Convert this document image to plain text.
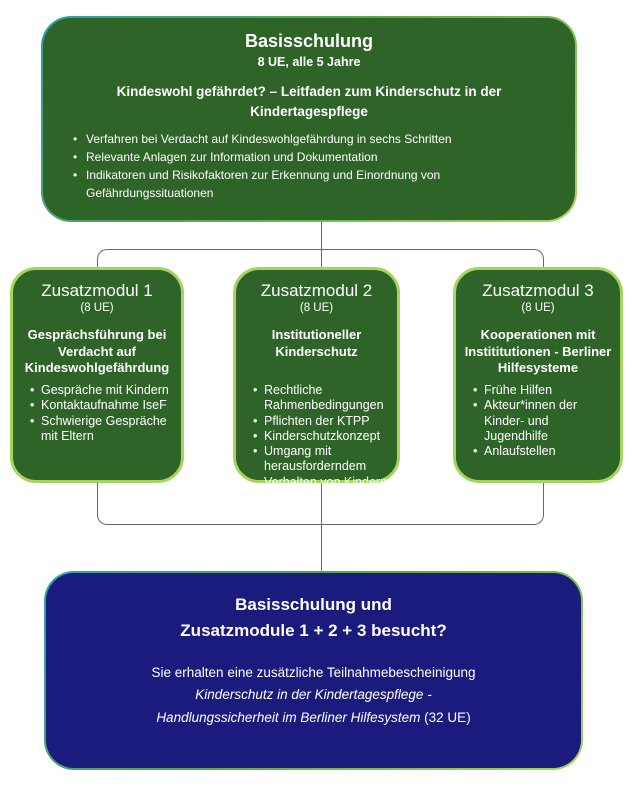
Basisschulung
8 UE, alle 5 Jahre
Kindeswohl gefährdet? – Leitfaden zum Kinderschutz in der Kindertagespflege
• Verfahren bei Verdacht auf Kindeswohlgefährdung in sechs Schritten
• Relevante Anlagen zur Information und Dokumentation
• Indikatoren und Risikofaktoren zur Erkennung und Einordnung von Gefährdungssituationen
Zusatzmodul 1
(8 UE)
Gesprächsführung bei Verdacht auf Kindeswohlgefährdung
• Gespräche mit Kindern
• Kontaktaufnahme IseF
• Schwierige Gespräche mit Eltern
Zusatzmodul 2
(8 UE)
Institutioneller Kinderschutz
• Rechtliche Rahmenbedingungen
• Pflichten der KTPP
• Kinderschutzkonzept
• Umgang mit herausforderndem Verhalten von Kindern
Zusatzmodul 3
(8 UE)
Kooperationen mit Instititutionen - Berliner Hilfesysteme
• Frühe Hilfen
• Akteur*innen der Kinder- und Jugendhilfe
• Anlaufstellen
Basisschulung und
Zusatzmodule 1 + 2 + 3 besucht?
Sie erhalten eine zusätzliche Teilnahmebescheinigung
Kinderschutz in der Kindertagespflege -
Handlungssicherheit im Berliner Hilfesystem (32 UE)
